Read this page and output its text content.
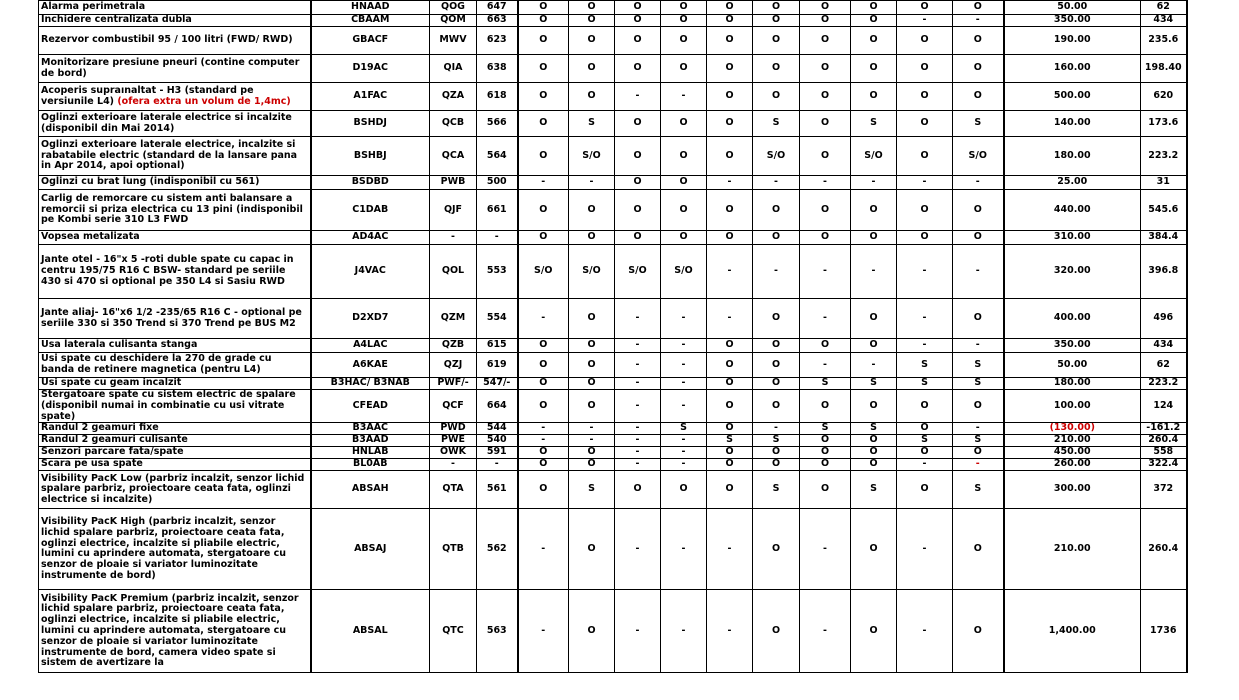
Alarma perimetrala	HNAAD	QOG	647	O	O	O	O	O	O	O	O	O	O	50.00	62
Inchidere centralizata dubla	CBAAM	QOM	663	O	O	O	O	O	O	O	O	-	-	350.00	434
Rezervor combustibil 95 / 100 litri (FWD/ RWD)	GBACF	MWV	623	O	O	O	O	O	O	O	O	O	O	190.00	235.6
Monitorizare presiune pneuri (contine computer de bord)	D19AC	QIA	638	O	O	O	O	O	O	O	O	O	O	160.00	198.40
Acoperis supraınaltat - H3 (standard pe versiunile L4) (ofera extra un volum de 1,4mc)	A1FAC	QZA	618	O	O	-	-	O	O	O	O	O	O	500.00	620
Oglinzi exterioare laterale electrice si incalzite (disponibil din Mai 2014)	BSHDJ	QCB	566	O	S	O	O	O	S	O	S	O	S	140.00	173.6
Oglinzi exterioare laterale electrice, incalzite si rabatabile electric (standard de la lansare pana in Apr 2014, apoi optional)	BSHBJ	QCA	564	O	S/O	O	O	O	S/O	O	S/O	O	S/O	180.00	223.2
Oglinzi cu brat lung (indisponibil cu 561)	BSDBD	PWB	500	-	-	O	O	-	-	-	-	-	-	25.00	31
Carlig de remorcare cu sistem anti balansare a remorcii si priza electrica cu 13 pini (indisponibil pe Kombi serie 310 L3 FWD	C1DAB	QJF	661	O	O	O	O	O	O	O	O	O	O	440.00	545.6
Vopsea metalizata	AD4AC	-	-	O	O	O	O	O	O	O	O	O	O	310.00	384.4
Jante otel - 16"x 5 -roti duble spate cu capac in centru 195/75 R16 C BSW- standard pe seriile 430 si 470 si optional pe 350 L4 si Sasiu RWD	J4VAC	QOL	553	S/O	S/O	S/O	S/O	-	-	-	-	-	-	320.00	396.8
Jante aliaj- 16"x6 1/2 -235/65 R16 C - optional pe seriile 330 si 350 Trend si 370 Trend pe BUS M2	D2XD7	QZM	554	-	O	-	-	-	O	-	O	-	O	400.00	496
Usa laterala culisanta stanga	A4LAC	QZB	615	O	O	-	-	O	O	O	O	-	-	350.00	434
Usi spate cu deschidere la 270 de grade cu banda de retinere magnetica (pentru L4)	A6KAE	QZJ	619	O	O	-	-	O	O	-	-	S	S	50.00	62
Usi spate cu geam incalzit	B3HAC/ B3NAB	PWF/-	547/-	O	O	-	-	O	O	S	S	S	S	180.00	223.2
Stergatoare spate cu sistem electric de spalare (disponibil numai in combinatie cu usi vitrate spate)	CFEAD	QCF	664	O	O	-	-	O	O	O	O	O	O	100.00	124
Randul 2 geamuri fixe	B3AAC	PWD	544	-	-	-	S	O	-	S	S	O	-	(130.00)	-161.2
Randul 2 geamuri culisante	B3AAD	PWE	540	-	-	-	-	S	S	O	O	S	S	210.00	260.4
Senzori parcare fata/spate	HNLAB	OWK	591	O	O	-	-	O	O	O	O	O	O	450.00	558
Scara pe usa spate	BL0AB	-	-	O	O	-	-	O	O	O	O	-	-	260.00	322.4
Visibility PacK Low (parbriz incalzit, senzor lichid spalare parbriz, proiectoare ceata fata, oglinzi electrice si incalzite)	ABSAH	QTA	561	O	S	O	O	O	S	O	S	O	S	300.00	372
Visibility PacK High (parbriz incalzit, senzor lichid spalare parbriz, proiectoare ceata fata, oglinzi electrice, incalzite si pliabile electric, lumini cu aprindere automata, stergatoare cu senzor de ploaie si variator luminozitate instrumente de bord)	ABSAJ	QTB	562	-	O	-	-	-	O	-	O	-	O	210.00	260.4
Visibility PacK Premium (parbriz incalzit, senzor lichid spalare parbriz, proiectoare ceata fata, oglinzi electrice, incalzite si pliabile electric, lumini cu aprindere automata, stergatoare cu senzor de ploaie si variator luminozitate instrumente de bord, camera video spate si sistem de avertizare la	ABSAL	QTC	563	-	O	-	-	-	O	-	O	-	O	1,400.00	1736
